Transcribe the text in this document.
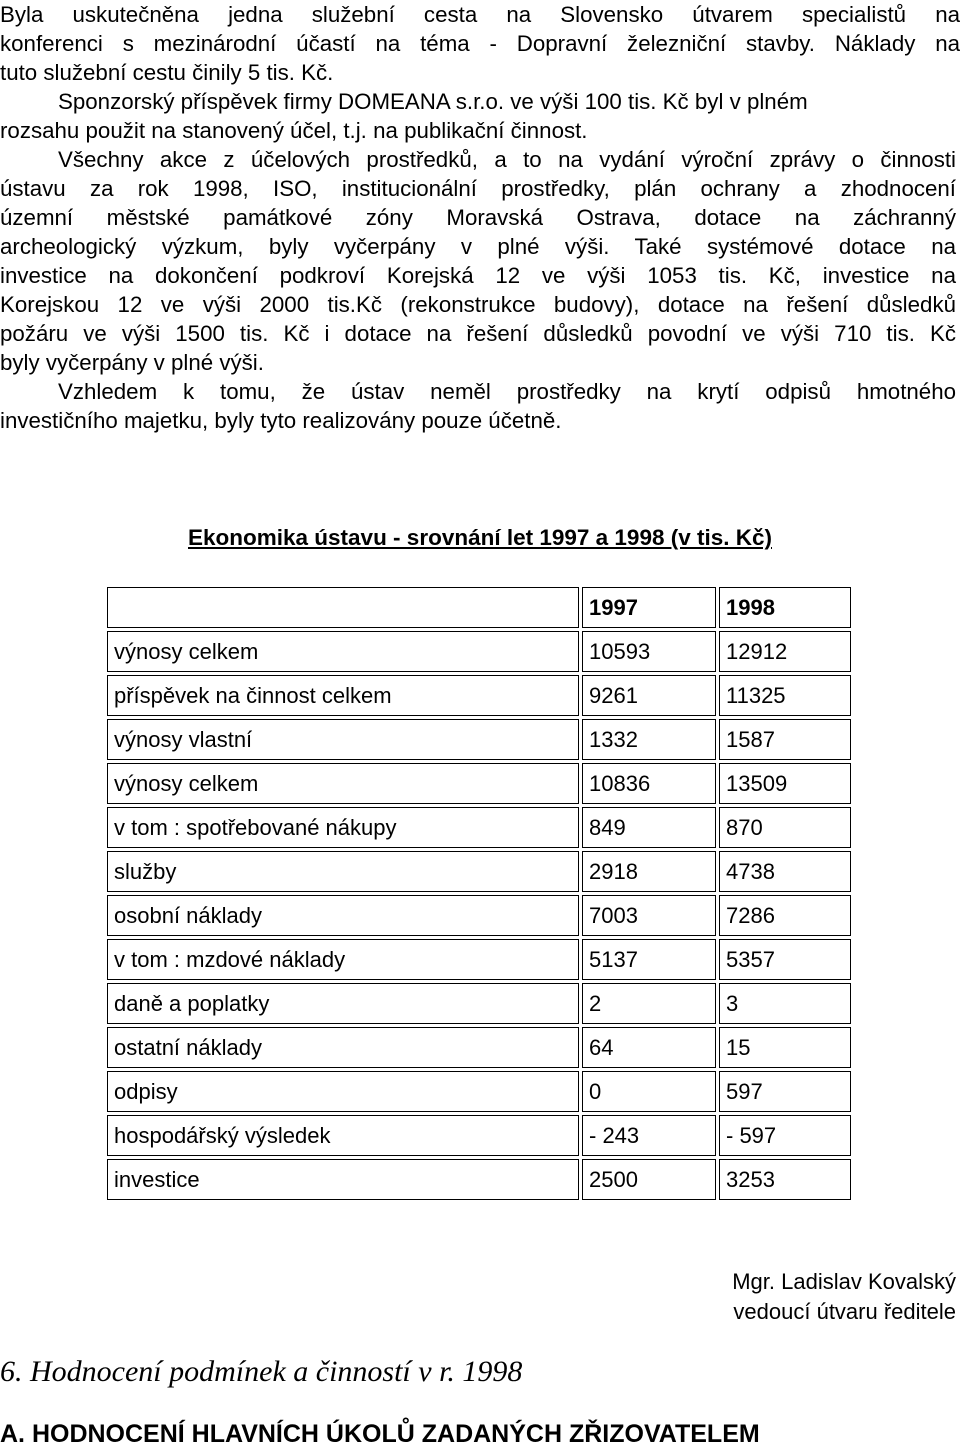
Byla uskutečněna jedna služební cesta na Slovensko útvarem specialistů na
konferenci s mezinárodní účastí na téma - Dopravní železniční stavby. Náklady na
tuto služební cestu činily 5 tis. Kč.
Sponzorský příspěvek firmy DOMEANA s.r.o. ve výši 100 tis. Kč byl v plném
rozsahu použit na stanovený účel, t.j. na publikační činnost.
Všechny akce z účelových prostředků, a to na vydání výroční zprávy o činnosti
ústavu za rok 1998, ISO, institucionální prostředky, plán ochrany a zhodnocení
územní městské památkové zóny Moravská Ostrava, dotace na záchranný
archeologický výzkum, byly vyčerpány v plné výši. Také systémové dotace na
investice na dokončení podkroví Korejská 12 ve výši 1053 tis. Kč, investice na
Korejskou 12 ve výši 2000 tis.Kč (rekonstrukce budovy), dotace na řešení důsledků
požáru ve výši 1500 tis. Kč i dotace na řešení důsledků povodní ve výši 710 tis. Kč
byly vyčerpány v plné výši.
Vzhledem k tomu, že ústav neměl prostředky na krytí odpisů hmotného
investičního majetku, byly tyto realizovány pouze účetně.
Ekonomika ústavu - srovnání let 1997 a 1998 (v tis. Kč)
	1997	1998
výnosy celkem	10593	12912
příspěvek na činnost celkem	9261	11325
výnosy vlastní	1332	1587
výnosy celkem	10836	13509
v tom : spotřebované nákupy	849	870
služby	2918	4738
osobní náklady	7003	7286
v tom : mzdové náklady	5137	5357
daně a poplatky	2	3
ostatní náklady	64	15
odpisy	0	597
hospodářský výsledek	- 243	- 597
investice	2500	3253
Mgr. Ladislav Kovalský
vedoucí útvaru ředitele
6. Hodnocení podmínek a činností v r. 1998
A. HODNOCENÍ HLAVNÍCH ÚKOLŮ ZADANÝCH ZŘIZOVATELEM
